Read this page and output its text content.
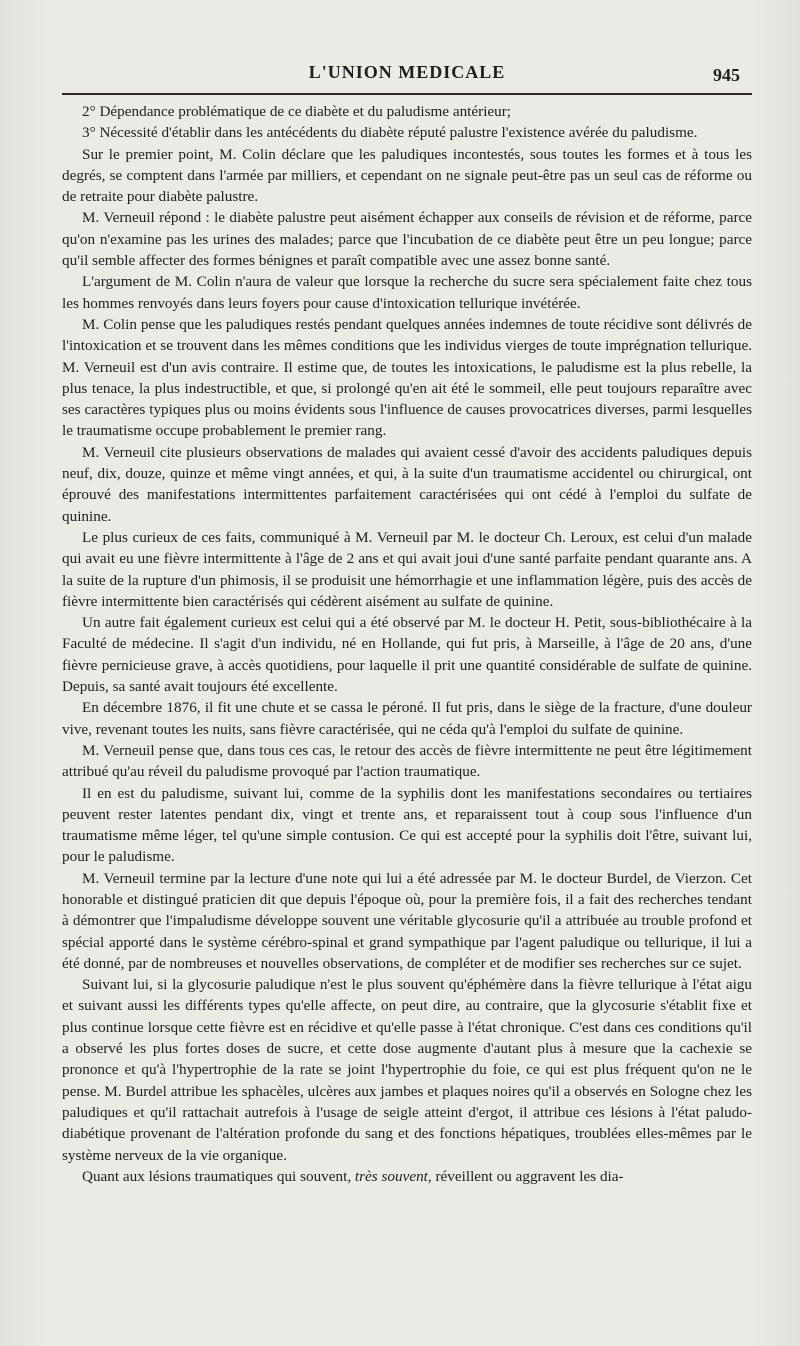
L'UNION MEDICALE	945

2° Dépendance problématique de ce diabète et du paludisme antérieur;

3° Nécessité d'établir dans les antécédents du diabète réputé palustre l'existence avérée du paludisme.

Sur le premier point, M. Colin déclare que les paludiques incontestés, sous toutes les formes et à tous les degrés, se comptent dans l'armée par milliers, et cependant on ne signale peut-être pas un seul cas de réforme ou de retraite pour diabète palustre.

M. Verneuil répond : le diabète palustre peut aisément échapper aux conseils de révision et de réforme, parce qu'on n'examine pas les urines des malades; parce que l'incubation de ce diabète peut être un peu longue; parce qu'il semble affecter des formes bénignes et paraît compatible avec une assez bonne santé.

L'argument de M. Colin n'aura de valeur que lorsque la recherche du sucre sera spécialement faite chez tous les hommes renvoyés dans leurs foyers pour cause d'intoxication tellurique invétérée.

M. Colin pense que les paludiques restés pendant quelques années indemnes de toute récidive sont délivrés de l'intoxication et se trouvent dans les mêmes conditions que les individus vierges de toute imprégnation tellurique. M. Verneuil est d'un avis contraire. Il estime que, de toutes les intoxications, le paludisme est la plus rebelle, la plus tenace, la plus indestructible, et que, si prolongé qu'en ait été le sommeil, elle peut toujours reparaître avec ses caractères typiques plus ou moins évidents sous l'influence de causes provocatrices diverses, parmi lesquelles le traumatisme occupe probablement le premier rang.

M. Verneuil cite plusieurs observations de malades qui avaient cessé d'avoir des accidents paludiques depuis neuf, dix, douze, quinze et même vingt années, et qui, à la suite d'un traumatisme accidentel ou chirurgical, ont éprouvé des manifestations intermittentes parfaitement caractérisées qui ont cédé à l'emploi du sulfate de quinine.

Le plus curieux de ces faits, communiqué à M. Verneuil par M. le docteur Ch. Leroux, est celui d'un malade qui avait eu une fièvre intermittente à l'âge de 2 ans et qui avait joui d'une santé parfaite pendant quarante ans. A la suite de la rupture d'un phimosis, il se produisit une hémorrhagie et une inflammation légère, puis des accès de fièvre intermittente bien caractérisés qui cédèrent aisément au sulfate de quinine.

Un autre fait également curieux est celui qui a été observé par M. le docteur H. Petit, sous-bibliothécaire à la Faculté de médecine. Il s'agit d'un individu, né en Hollande, qui fut pris, à Marseille, à l'âge de 20 ans, d'une fièvre pernicieuse grave, à accès quotidiens, pour laquelle il prit une quantité considérable de sulfate de quinine. Depuis, sa santé avait toujours été excellente.

En décembre 1876, il fit une chute et se cassa le péroné. Il fut pris, dans le siège de la fracture, d'une douleur vive, revenant toutes les nuits, sans fièvre caractérisée, qui ne céda qu'à l'emploi du sulfate de quinine.

M. Verneuil pense que, dans tous ces cas, le retour des accès de fièvre intermittente ne peut être légitimement attribué qu'au réveil du paludisme provoqué par l'action traumatique.

Il en est du paludisme, suivant lui, comme de la syphilis dont les manifestations secondaires ou tertiaires peuvent rester latentes pendant dix, vingt et trente ans, et reparaissent tout à coup sous l'influence d'un traumatisme même léger, tel qu'une simple contusion. Ce qui est accepté pour la syphilis doit l'être, suivant lui, pour le paludisme.

M. Verneuil termine par la lecture d'une note qui lui a été adressée par M. le docteur Burdel, de Vierzon. Cet honorable et distingué praticien dit que depuis l'époque où, pour la première fois, il a fait des recherches tendant à démontrer que l'impaludisme développe souvent une véritable glycosurie qu'il a attribuée au trouble profond et spécial apporté dans le système cérébro-spinal et grand sympathique par l'agent paludique ou tellurique, il lui a été donné, par de nombreuses et nouvelles observations, de compléter et de modifier ses recherches sur ce sujet.

Suivant lui, si la glycosurie paludique n'est le plus souvent qu'éphémère dans la fièvre tellurique à l'état aigu et suivant aussi les différents types qu'elle affecte, on peut dire, au contraire, que la glycosurie s'établit fixe et plus continue lorsque cette fièvre est en récidive et qu'elle passe à l'état chronique. C'est dans ces conditions qu'il a observé les plus fortes doses de sucre, et cette dose augmente d'autant plus à mesure que la cachexie se prononce et qu'à l'hypertrophie de la rate se joint l'hypertrophie du foie, ce qui est plus fréquent qu'on ne le pense. M. Burdel attribue les sphacèles, ulcères aux jambes et plaques noires qu'il a observés en Sologne chez les paludiques et qu'il rattachait autrefois à l'usage de seigle atteint d'ergot, il attribue ces lésions à l'état paludo-diabétique provenant de l'altération profonde du sang et des fonctions hépatiques, troublées elles-mêmes par le système nerveux de la vie organique.

Quant aux lésions traumatiques qui souvent, très souvent, réveillent ou aggravent les dia-
